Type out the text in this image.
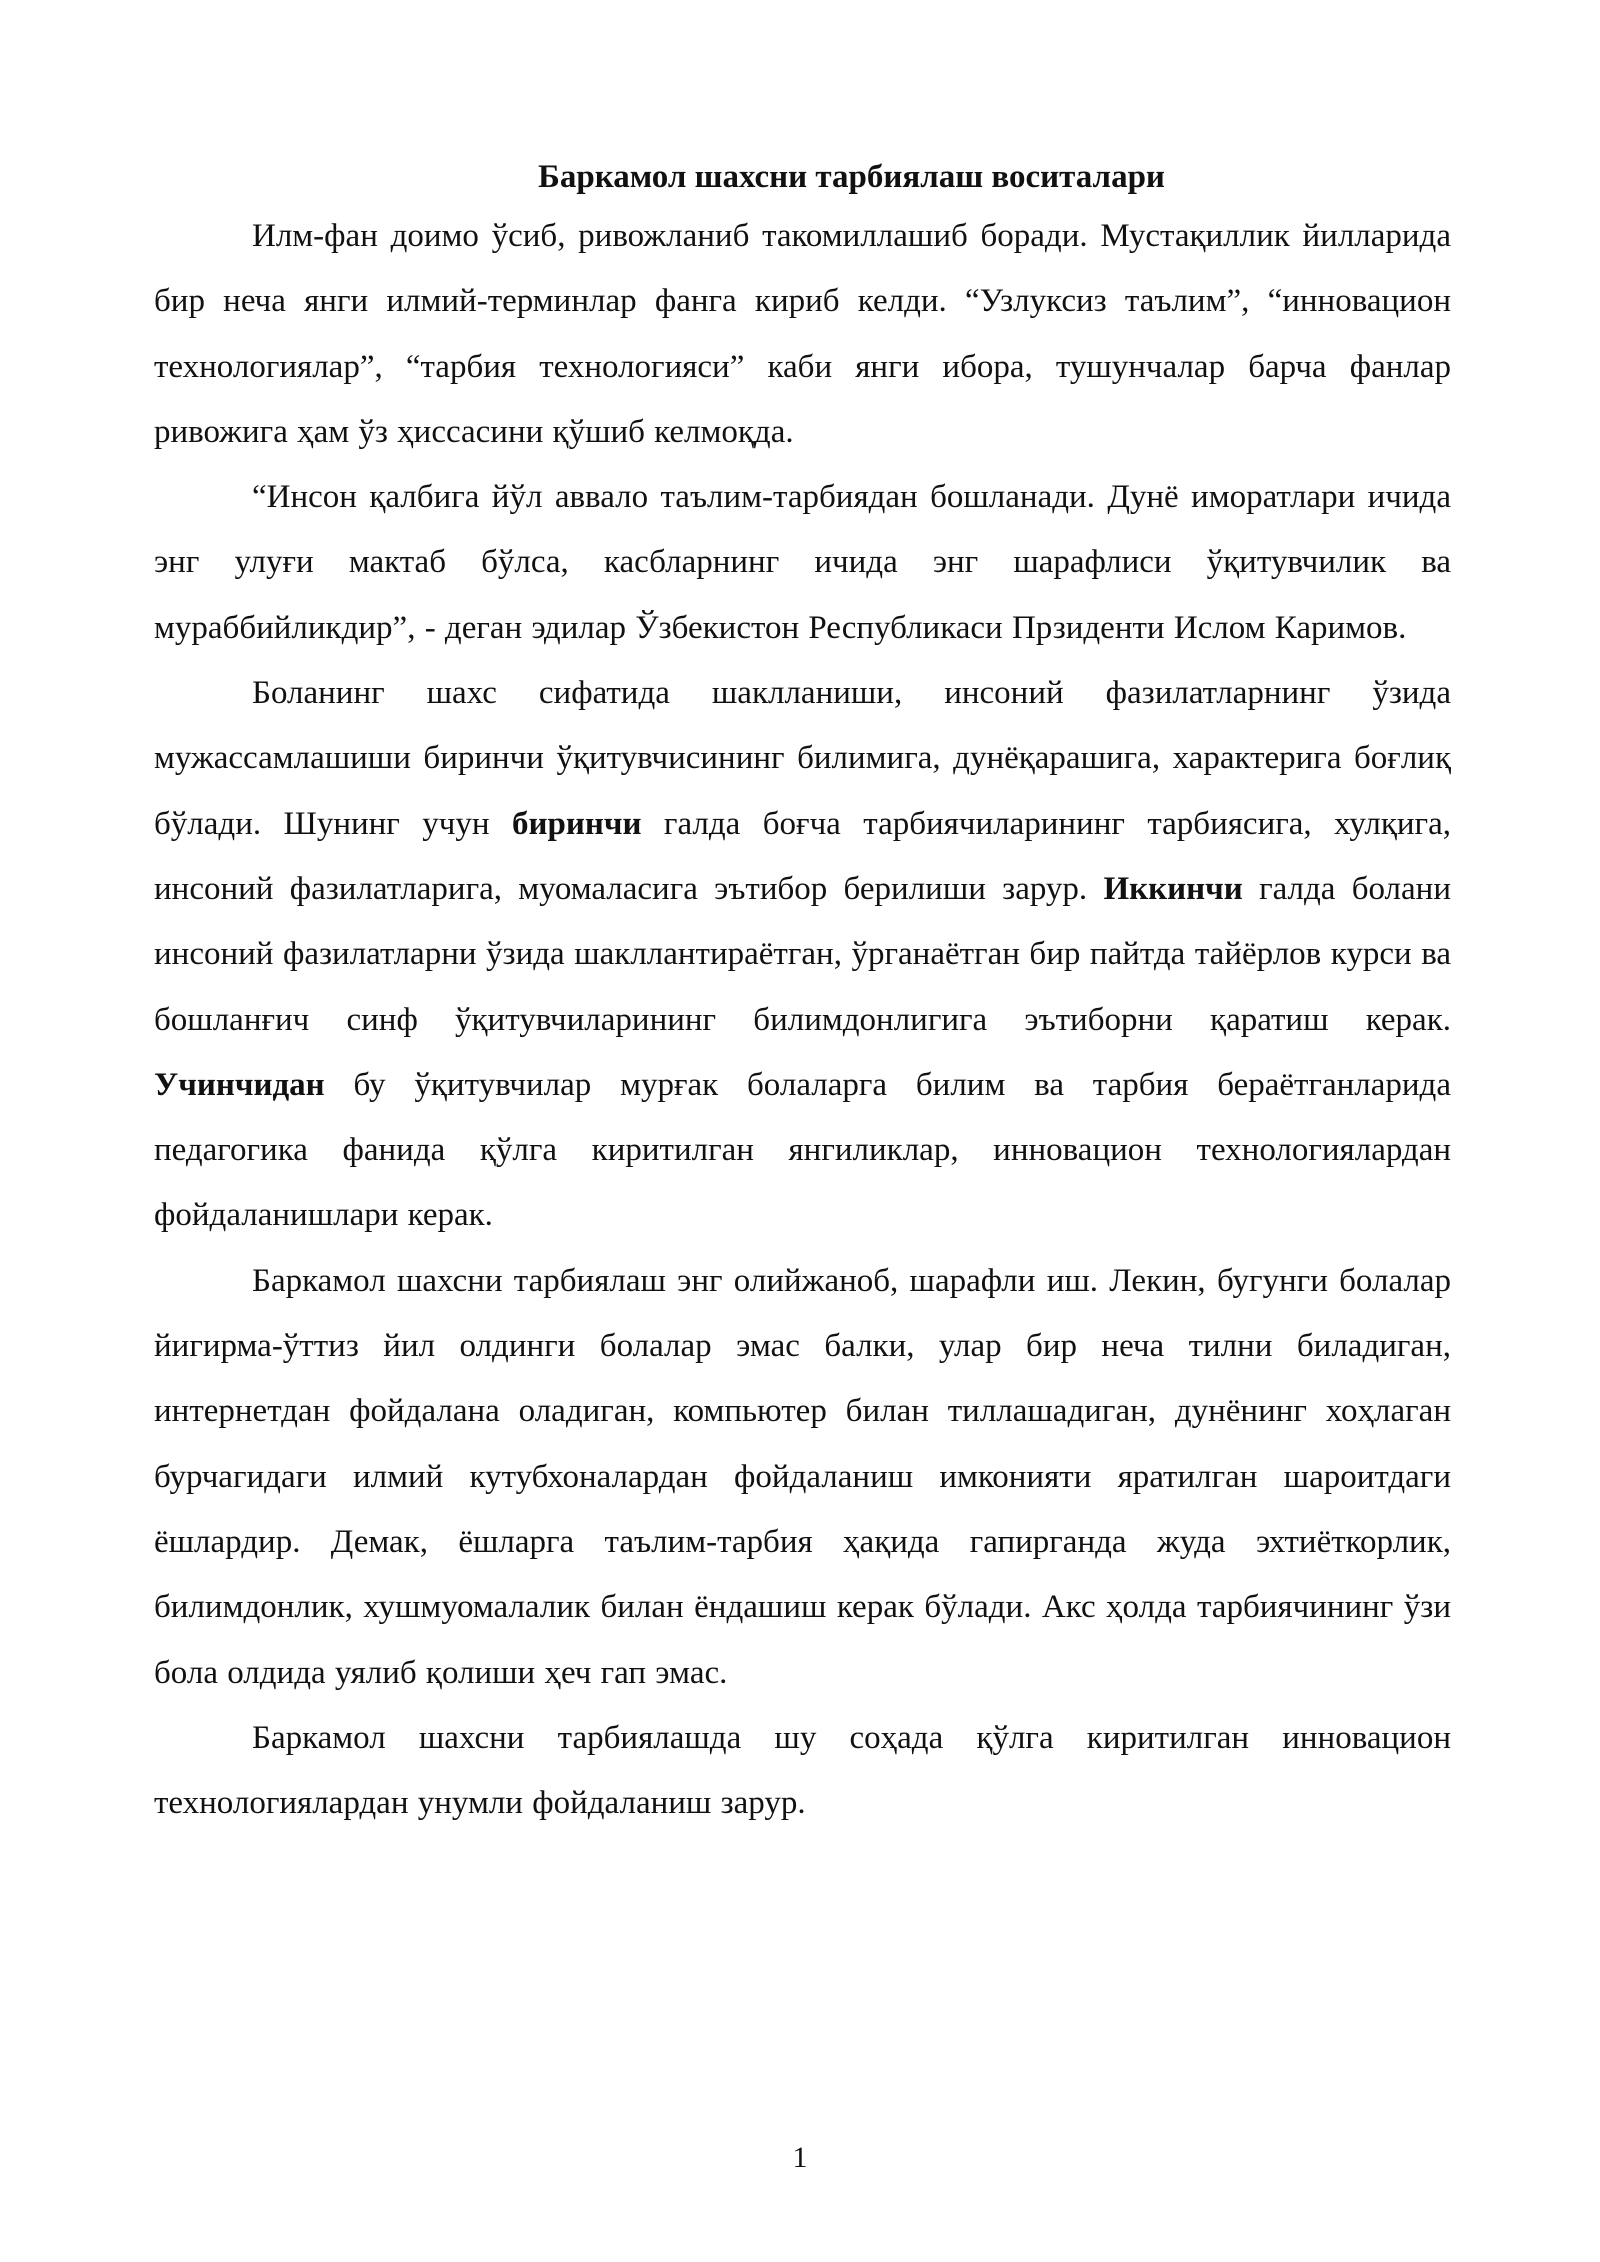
Баркамол шахсни тарбиялаш воситалари

Илм-фан доимо ўсиб, ривожланиб такомиллашиб боради. Мустақиллик йилларида бир неча янги илмий-терминлар фанга кириб келди. “Узлуксиз таълим”, “инновацион технологиялар”, “тарбия технологияси” каби янги ибора, тушунчалар барча фанлар ривожига ҳам ўз ҳиссасини қўшиб келмоқда.

“Инсон қалбига йўл аввало таълим-тарбиядан бошланади. Дунё иморатлари ичида энг улуғи мактаб бўлса, касбларнинг ичида энг шарафлиси ўқитувчилик ва мураббийликдир”, - деган эдилар Ўзбекистон Республикаси Прзиденти Ислом Каримов.

Боланинг шахс сифатида шаклланиши, инсоний фазилатларнинг ўзида мужассамлашиши биринчи ўқитувчисининг билимига, дунёқарашига, характерига боғлиқ бўлади. Шунинг учун биринчи галда боғча тарбиячиларининг тарбиясига, хулқига, инсоний фазилатларига, муомаласига эътибор берилиши зарур. Иккинчи галда болани инсоний фазилатларни ўзида шакллантираётган, ўрганаётган бир пайтда тайёрлов курси ва бошланғич синф ўқитувчиларининг билимдонлигига эътиборни қаратиш керак. Учинчидан бу ўқитувчилар мурғак болаларга билим ва тарбия бераётганларида педагогика фанида қўлга киритилган янгиликлар, инновацион технологиялардан фойдаланишлари керак.

Баркамол шахсни тарбиялаш энг олийжаноб, шарафли иш. Лекин, бугунги болалар йигирма-ўттиз йил олдинги болалар эмас балки, улар бир неча тилни биладиган, интернетдан фойдалана оладиган, компьютер билан тиллашадиган, дунёнинг хоҳлаган бурчагидаги илмий кутубхоналардан фойдаланиш имконияти яратилган шароитдаги ёшлардир. Демак, ёшларга таълим-тарбия ҳақида гапирганда жуда эхтиёткорлик, билимдонлик, хушмуомалалик билан ёндашиш керак бўлади. Акс ҳолда тарбиячининг ўзи бола олдида уялиб қолиши ҳеч гап эмас.

Баркамол шахсни тарбиялашда шу соҳада қўлга киритилган инновацион технологиялардан унумли фойдаланиш зарур.

1
